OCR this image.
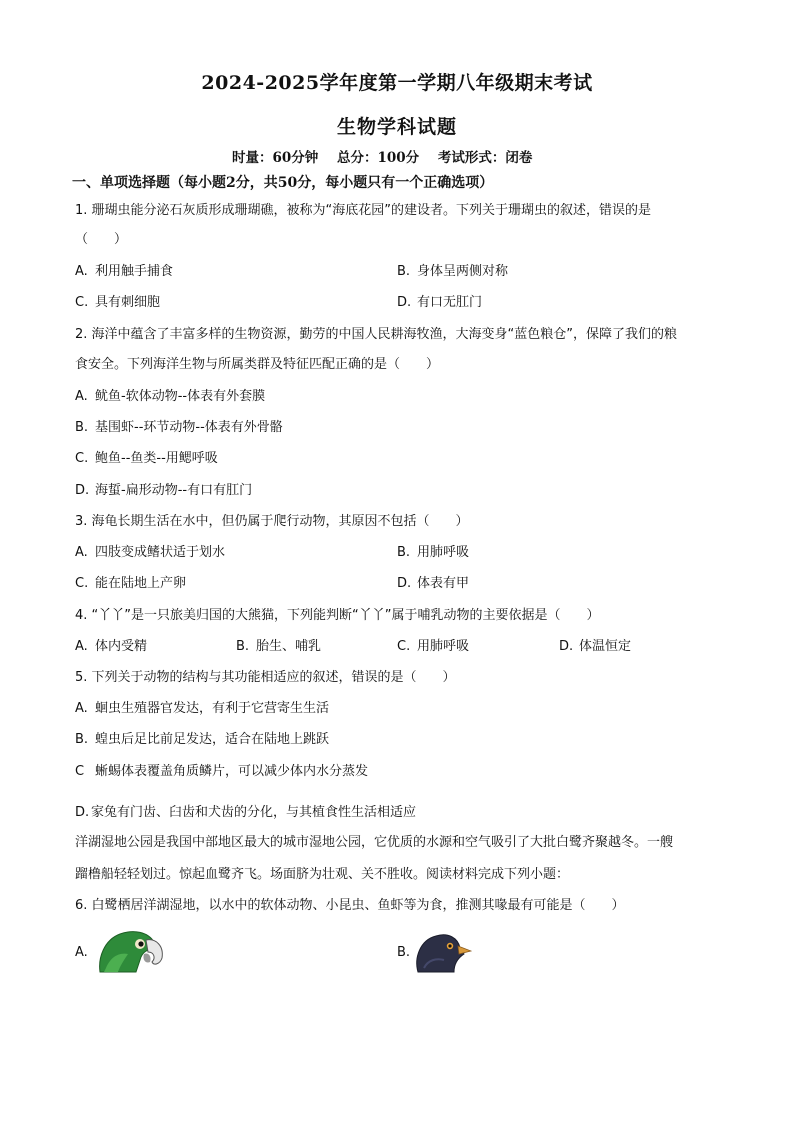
2024-2025学年度第一学期八年级期末考试
生物学科试题
时量：60分钟 总分：100分 考试形式：闭卷
一、单项选择题（每小题2分，共50分，每小题只有一个正确选项）
1. 珊瑚虫能分泌石灰质形成珊瑚礁，被称为“海底花园”的建设者。下列关于珊瑚虫的叙述，错误的是
（　　）
A. 利用触手捕食	B. 身体呈两侧对称
C. 具有刺细胞	D. 有口无肛门
2. 海洋中蕴含了丰富多样的生物资源，勤劳的中国人民耕海牧渔，大海变身“蓝色粮仓”，保障了我们的粮
食安全。下列海洋生物与所属类群及特征匹配正确的是（　　）
A. 鱿鱼-软体动物--体表有外套膜
B. 基围虾--环节动物--体表有外骨骼
C. 鲍鱼--鱼类--用鳃呼吸
D. 海蜇-扁形动物--有口有肛门
3. 海龟长期生活在水中，但仍属于爬行动物，其原因不包括（　　）
A. 四肢变成鳍状适于划水	B. 用肺呼吸
C. 能在陆地上产卵	D. 体表有甲
4. “丫丫”是一只旅美归国的大熊猫，下列能判断“丫丫”属于哺乳动物的主要依据是（　　）
A. 体内受精	B. 胎生、哺乳	C. 用肺呼吸	D. 体温恒定
5. 下列关于动物的结构与其功能相适应的叙述，错误的是（　　）
A. 蛔虫生殖器官发达，有利于它营寄生生活
B. 蝗虫后足比前足发达，适合在陆地上跳跃
C 蜥蜴体表覆盖角质鳞片，可以减少体内水分蒸发
D. 家兔有门齿、臼齿和犬齿的分化，与其植食性生活相适应
洋湖湿地公园是我国中部地区最大的城市湿地公园，它优质的水源和空气吸引了大批白鹭齐聚越冬。一艘
蹓橹船轻轻划过。惊起血鹭齐飞。场面脐为壮观、关不胜收。阅读材料完成下列小题：
6. 白鹭栖居洋湖湿地，以水中的软体动物、小昆虫、鱼虾等为食，推测其喙最有可能是（　　）
A.	B.
